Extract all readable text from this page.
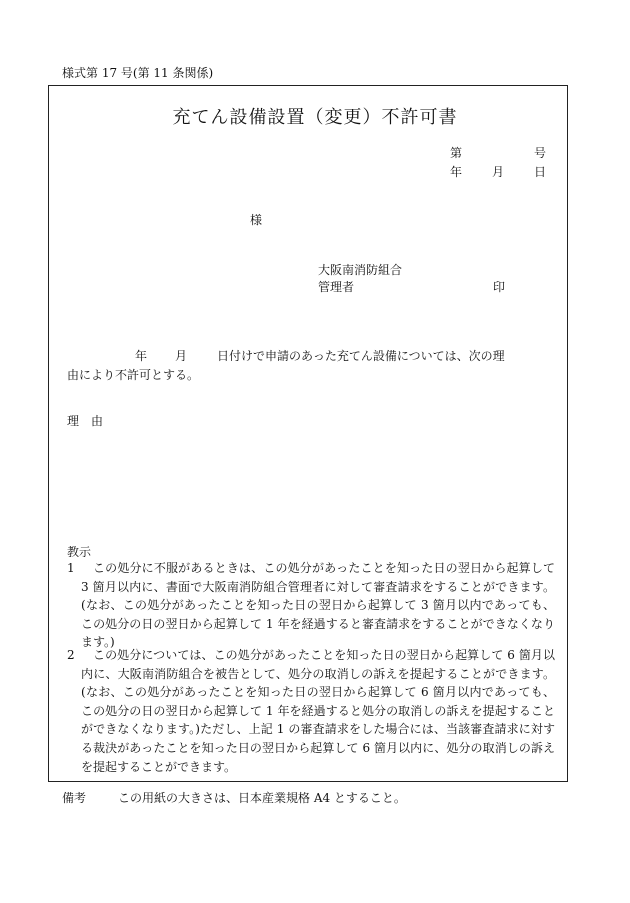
様式第 17 号(第 11 条関係)
充てん設備設置（変更）不許可書
第	号
年 月 日
様
大阪南消防組合
管理者	印
年 月	日付けで申請のあった充てん設備については、次の理
由により不許可とする。
理　由
教示
1	この処分に不服があるときは、この処分があったことを知った日の翌日から起算して 3 箇月以内に、書面で大阪南消防組合管理者に対して審査請求をすることができます。(なお、この処分があったことを知った日の翌日から起算して 3 箇月以内であっても、この処分の日の翌日から起算して 1 年を経過すると審査請求をすることができなくなります。)
2	この処分については、この処分があったことを知った日の翌日から起算して 6 箇月以内に、大阪南消防組合を被告として、処分の取消しの訴えを提起することができます。(なお、この処分があったことを知った日の翌日から起算して 6 箇月以内であっても、この処分の日の翌日から起算して 1 年を経過すると処分の取消しの訴えを提起することができなくなります。)ただし、上記 1 の審査請求をした場合には、当該審査請求に対する裁決があったことを知った日の翌日から起算して 6 箇月以内に、処分の取消しの訴えを提起することができます。
備考	この用紙の大きさは、日本産業規格 A4 とすること。
